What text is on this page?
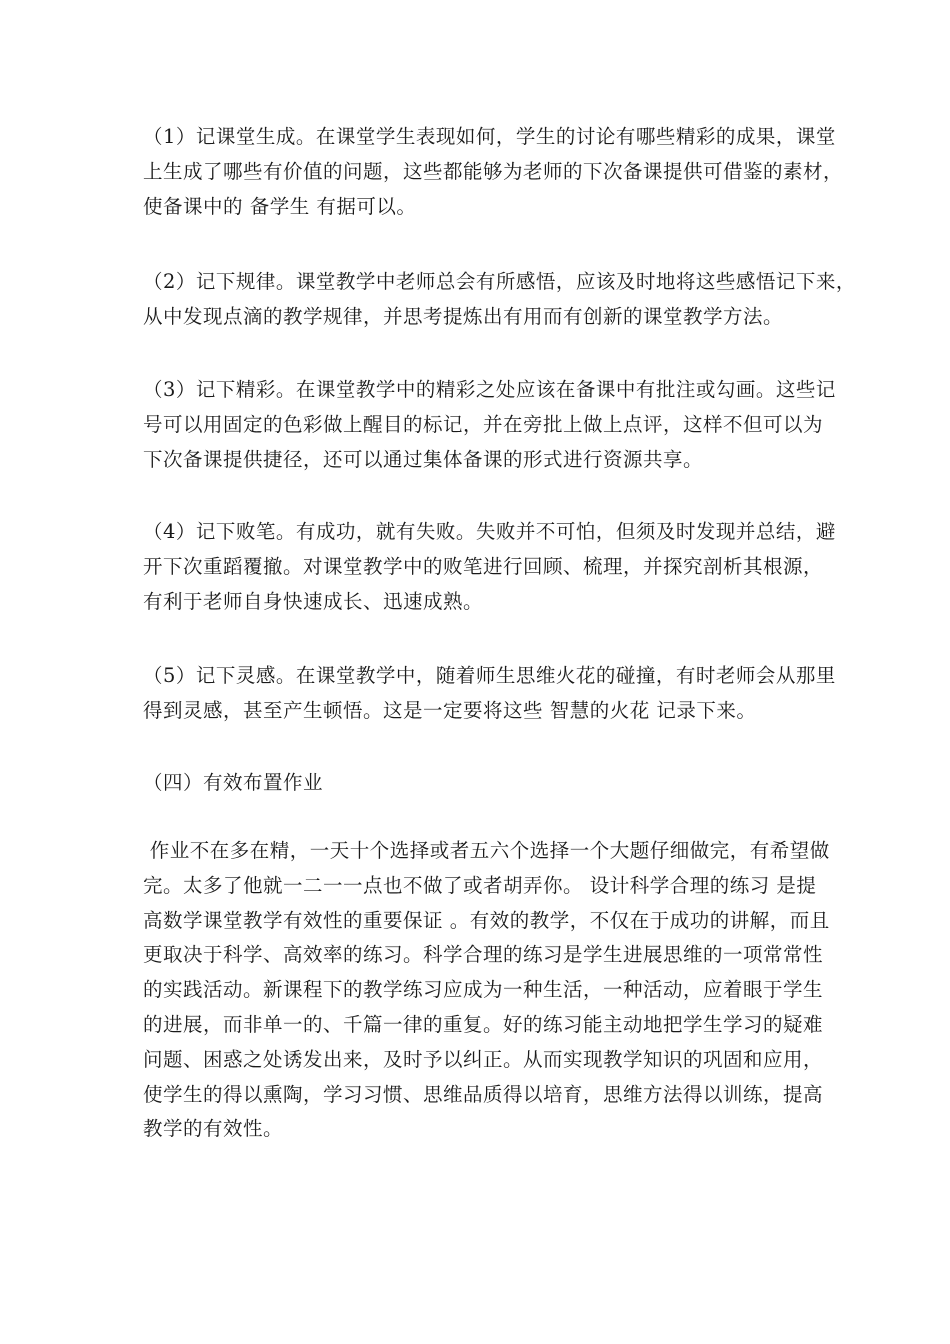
（1）记课堂生成。在课堂学生表现如何，学生的讨论有哪些精彩的成果，课堂
上生成了哪些有价值的问题，这些都能够为老师的下次备课提供可借鉴的素材，
使备课中的 备学生 有据可以。
（2）记下规律。课堂教学中老师总会有所感悟，应该及时地将这些感悟记下来，
从中发现点滴的教学规律，并思考提炼出有用而有创新的课堂教学方法。
（3）记下精彩。在课堂教学中的精彩之处应该在备课中有批注或勾画。这些记
号可以用固定的色彩做上醒目的标记，并在旁批上做上点评，这样不但可以为
下次备课提供捷径，还可以通过集体备课的形式进行资源共享。
（4）记下败笔。有成功，就有失败。失败并不可怕，但须及时发现并总结，避
开下次重蹈覆撤。对课堂教学中的败笔进行回顾、梳理，并探究剖析其根源，
有利于老师自身快速成长、迅速成熟。
（5）记下灵感。在课堂教学中，随着师生思维火花的碰撞，有时老师会从那里
得到灵感，甚至产生顿悟。这是一定要将这些 智慧的火花 记录下来。
（四）有效布置作业
作业不在多在精，一天十个选择或者五六个选择一个大题仔细做完，有希望做
完。太多了他就一二一一点也不做了或者胡弄你。 设计科学合理的练习 是提
高数学课堂教学有效性的重要保证 。有效的教学，不仅在于成功的讲解，而且
更取决于科学、高效率的练习。科学合理的练习是学生进展思维的一项常常性
的实践活动。新课程下的教学练习应成为一种生活，一种活动，应着眼于学生
的进展，而非单一的、千篇一律的重复。好的练习能主动地把学生学习的疑难
问题、困惑之处诱发出来，及时予以纠正。从而实现教学知识的巩固和应用，
使学生的得以熏陶，学习习惯、思维品质得以培育，思维方法得以训练，提高
教学的有效性。
